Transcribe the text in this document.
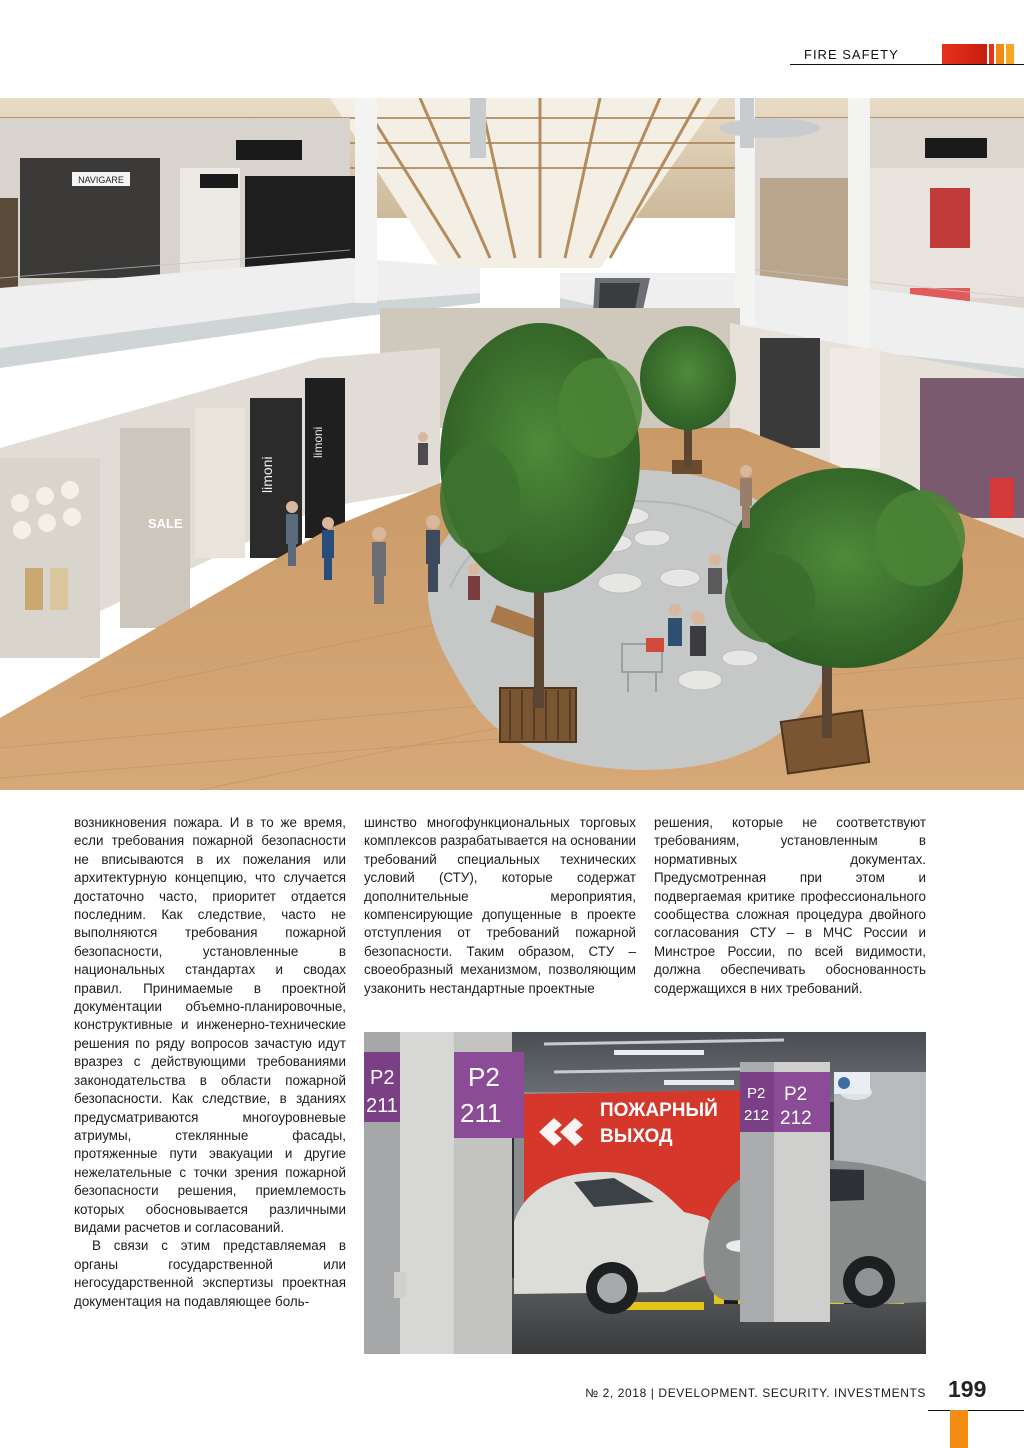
FIRE SAFETY
NAVIGARE
SALE
limoni
limoni

возникновения пожара. И в то же время, если требования пожарной безопасности не вписываются в их пожелания или архитектурную концепцию, что случается достаточно часто, приоритет отдается последним. Как следствие, часто не выполняются требования пожарной безопасности, установленные в национальных стандартах и сводах правил. Принимаемые в проектной документации объемно-планировочные, конструктивные и инженерно-технические решения по ряду вопросов зачастую идут вразрез с действующими требованиями законодательства в области пожарной безопасности. Как следствие, в зданиях предусматриваются многоуровневые атриумы, стеклянные фасады, протяженные пути эвакуации и другие нежелательные с точки зрения пожарной безопасности решения, приемлемость которых обосновывается различными видами расчетов и согласований.

В связи с этим представляемая в органы государственной или негосударственной экспертизы проектная документация на подавляющее боль-

шинство многофункциональных торговых комплексов разрабатывается на основании требований специальных технических условий (СТУ), которые содержат дополнительные мероприятия, компенсирующие допущенные в проекте отступления от требований пожарной безопасности. Таким образом, СТУ – своеобразный механизмом, позволяющим узаконить нестандартные проектные

решения, которые не соответствуют требованиям, установленным в нормативных документах. Предусмотренная при этом и подвергаемая критике профессионального сообщества сложная процедура двойного согласования СТУ – в МЧС России и Минстрое России, по всей видимости, должна обеспечивать обоснованность содержащихся в них требований.

ПОЖАРНЫЙ
ВЫХОД
P2
211
P2
211
P2
212
P2
212
№ 2, 2018 | DEVELOPMENT. SECURITY. INVESTMENTS 199
